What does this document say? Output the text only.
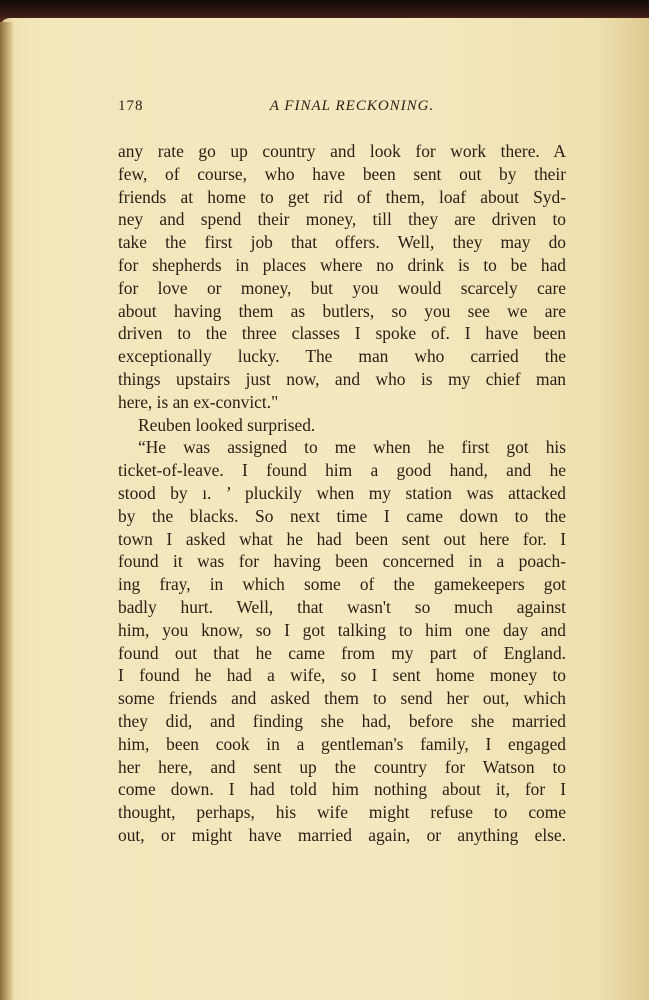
178	A FINAL RECKONING.
any rate go up country and look for work there. A
few, of course, who have been sent out by their
friends at home to get rid of them, loaf about Syd-
ney and spend their money, till they are driven to
take the first job that offers. Well, they may do
for shepherds in places where no drink is to be had
for love or money, but you would scarcely care
about having them as butlers, so you see we are
driven to the three classes I spoke of. I have been
exceptionally lucky. The man who carried the
things upstairs just now, and who is my chief man
here, is an ex-convict."
Reuben looked surprised.
“He was assigned to me when he first got his
ticket-of-leave. I found him a good hand, and he
stood by ı. ’ pluckily when my station was attacked
by the blacks. So next time I came down to the
town I asked what he had been sent out here for. I
found it was for having been concerned in a poach-
ing fray, in which some of the gamekeepers got
badly hurt. Well, that wasn't so much against
him, you know, so I got talking to him one day and
found out that he came from my part of England.
I found he had a wife, so I sent home money to
some friends and asked them to send her out, which
they did, and finding she had, before she married
him, been cook in a gentleman's family, I engaged
her here, and sent up the country for Watson to
come down. I had told him nothing about it, for I
thought, perhaps, his wife might refuse to come
out, or might have married again, or anything else.
